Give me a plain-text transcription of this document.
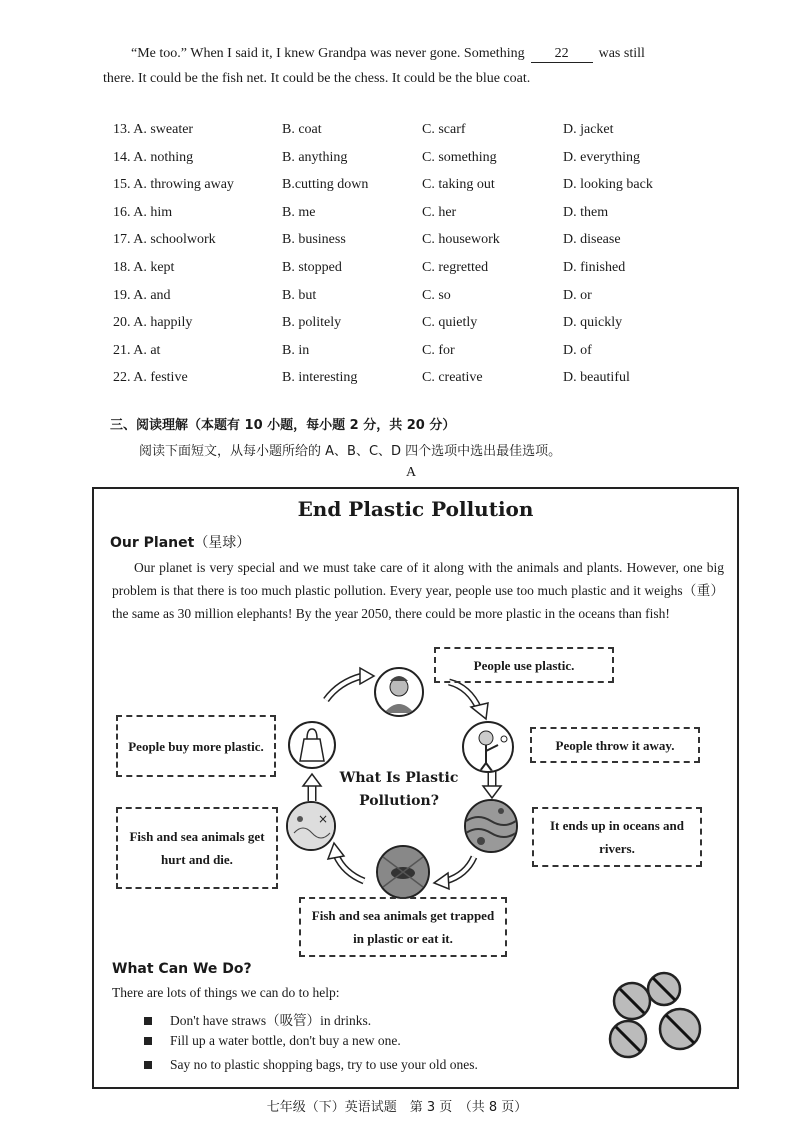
“Me too.” When I said it, I knew Grandpa was never gone. Something 22 was still
there. It could be the fish net. It could be the chess. It could be the blue coat.
13. A. sweater	B. coat	C. scarf	D. jacket
14. A. nothing	B. anything	C. something	D. everything
15. A. throwing away	B.cutting down	C. taking out	D. looking back
16. A. him	B. me	C. her	D. them
17. A. schoolwork	B. business	C. housework	D. disease
18. A. kept	B. stopped	C. regretted	D. finished
19. A. and	B. but	C. so	D. or
20. A. happily	B. politely	C. quietly	D. quickly
21. A. at	B. in	C. for	D. of
22. A. festive	B. interesting	C. creative	D. beautiful
三、阅读理解（本题有 10 小题，每小题 2 分，共 20 分）
阅读下面短文，从每小题所给的 A、B、C、D 四个选项中选出最佳选项。
A
End Plastic Pollution
Our Planet（星球）
Our planet is very special and we must take care of it along with the animals and plants. However, one big problem is that there is too much plastic pollution. Every year, people use too much plastic and it weighs（重）the same as 30 million elephants! By the year 2050, there could be more plastic in the oceans than fish!
×
What Is Plastic
Pollution?
People use plastic.
People throw it away.
It ends up in oceans and rivers.
Fish and sea animals get trapped in plastic or eat it.
Fish and sea animals get hurt and die.
People buy more plastic.
What Can We Do?
There are lots of things we can do to help:
Don't have straws（吸管）in drinks.
Fill up a water bottle, don't buy a new one.
Say no to plastic shopping bags, try to use your old ones.
七年级（下）英语试题　第 3 页　（共 8 页）
